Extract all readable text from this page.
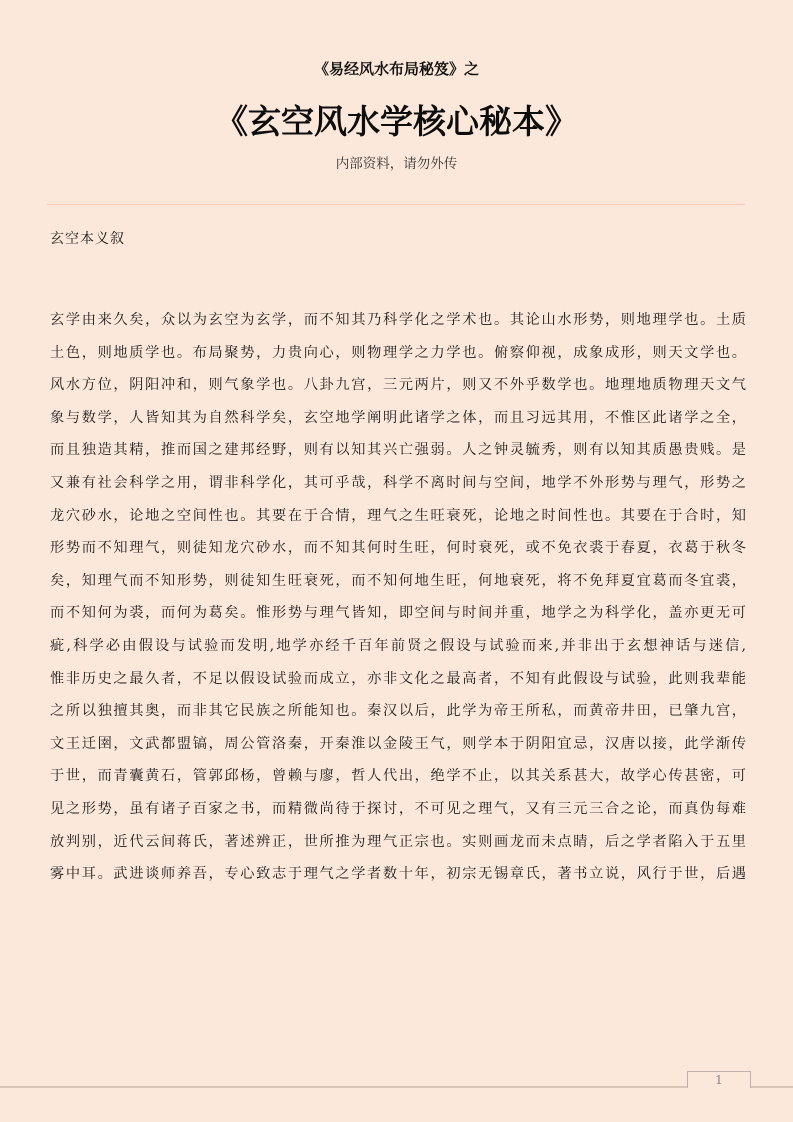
《易经风水布局秘笈》之
《玄空风水学核心秘本》
内部资料，请勿外传
玄空本义叙
玄学由来久矣，众以为玄空为玄学，而不知其乃科学化之学术也。其论山水形势，则地理学也。土质
土色，则地质学也。布局聚势，力贵向心，则物理学之力学也。俯察仰视，成象成形，则天文学也。
风水方位，阴阳冲和，则气象学也。八卦九宫，三元两片，则又不外乎数学也。地理地质物理天文气
象与数学，人皆知其为自然科学矣，玄空地学阐明此诸学之体，而且习远其用，不惟区此诸学之全，
而且独造其精，推而国之建邦经野，则有以知其兴亡强弱。人之钟灵毓秀，则有以知其质愚贵贱。是
又兼有社会科学之用，谓非科学化，其可乎哉，科学不离时间与空间，地学不外形势与理气，形势之
龙穴砂水，论地之空间性也。其要在于合情，理气之生旺衰死，论地之时间性也。其要在于合时，知
形势而不知理气，则徒知龙穴砂水，而不知其何时生旺，何时衰死，或不免衣裘于春夏，衣葛于秋冬
矣，知理气而不知形势，则徒知生旺衰死，而不知何地生旺，何地衰死，将不免拜夏宜葛而冬宜裘，
而不知何为裘，而何为葛矣。惟形势与理气皆知，即空间与时间并重，地学之为科学化，盖亦更无可
疵,科学必由假设与试验而发明,地学亦经千百年前贤之假设与试验而来,并非出于玄想神话与迷信,
惟非历史之最久者，不足以假设试验而成立，亦非文化之最高者，不知有此假设与试验，此则我辈能
之所以独擅其奥，而非其它民族之所能知也。秦汉以后，此学为帝王所私，而黄帝井田，已肇九宫，
文王迁圉，文武都盟镐，周公管洛秦，开秦淮以金陵王气，则学本于阴阳宜忌，汉唐以接，此学渐传
于世，而青囊黄石，管郭邱杨，曾赖与廖，哲人代出，绝学不止，以其关系甚大，故学心传甚密，可
见之形势，虽有诸子百家之书，而精微尚待于探讨，不可见之理气，又有三元三合之论，而真伪每难
放判别，近代云间蒋氏，著述辨正，世所推为理气正宗也。实则画龙而未点睛，后之学者陷入于五里
雾中耳。武进谈师养吾，专心致志于理气之学者数十年，初宗无锡章氏，著书立说，风行于世，后遇
1
